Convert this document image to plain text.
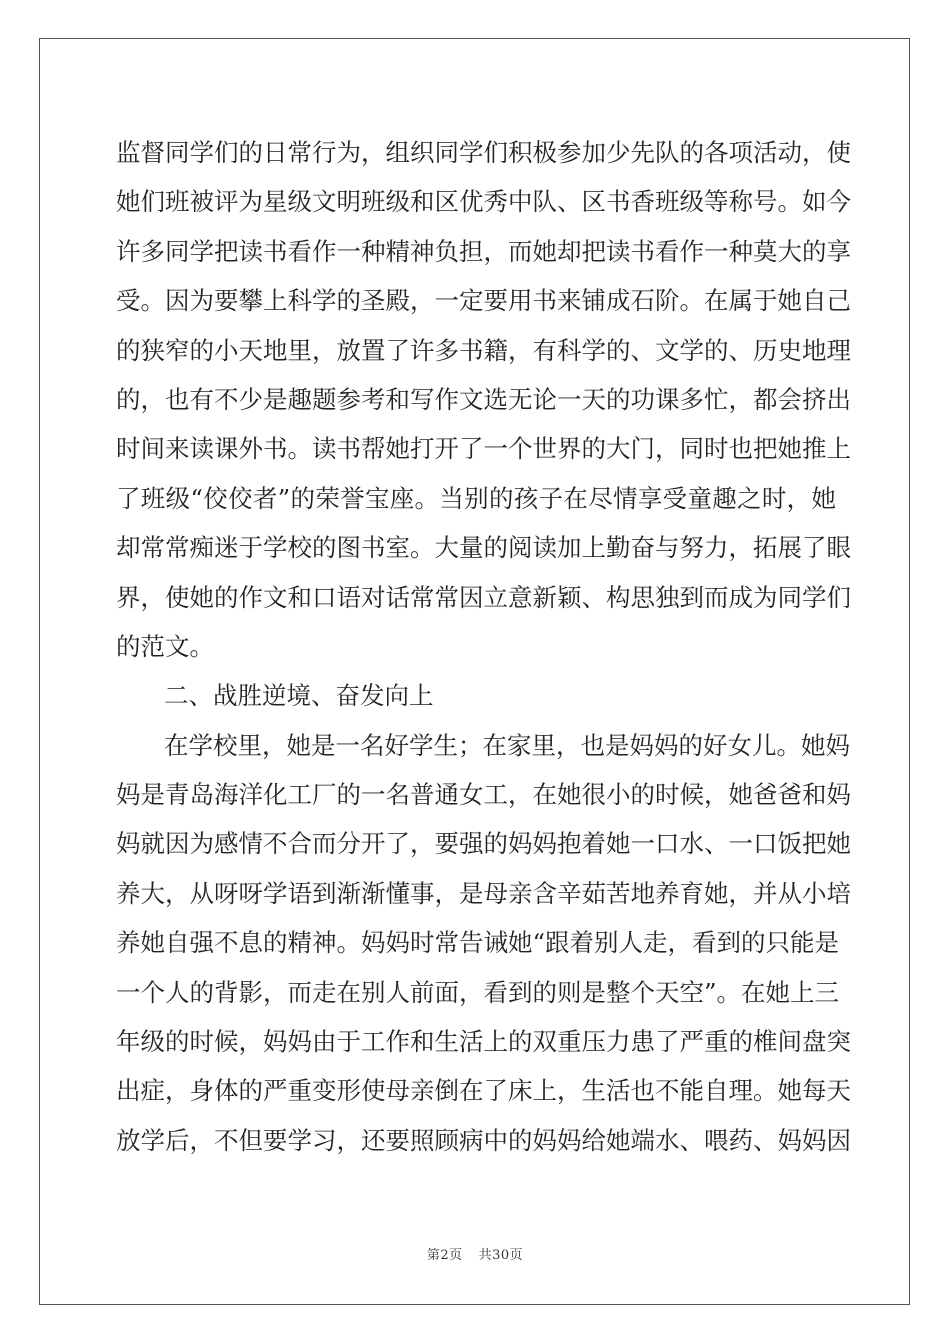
监督同学们的日常行为，组织同学们积极参加少先队的各项活动，使
她们班被评为星级文明班级和区优秀中队、区书香班级等称号。如今
许多同学把读书看作一种精神负担，而她却把读书看作一种莫大的享
受。因为要攀上科学的圣殿，一定要用书来铺成石阶。在属于她自己
的狭窄的小天地里，放置了许多书籍，有科学的、文学的、历史地理
的，也有不少是趣题参考和写作文选无论一天的功课多忙，都会挤出
时间来读课外书。读书帮她打开了一个世界的大门，同时也把她推上
了班级“佼佼者”的荣誉宝座。当别的孩子在尽情享受童趣之时，她
却常常痴迷于学校的图书室。大量的阅读加上勤奋与努力，拓展了眼
界，使她的作文和口语对话常常因立意新颖、构思独到而成为同学们
的范文。
二、战胜逆境、奋发向上
在学校里，她是一名好学生；在家里，也是妈妈的好女儿。她妈
妈是青岛海洋化工厂的一名普通女工，在她很小的时候，她爸爸和妈
妈就因为感情不合而分开了，要强的妈妈抱着她一口水、一口饭把她
养大，从呀呀学语到渐渐懂事，是母亲含辛茹苦地养育她，并从小培
养她自强不息的精神。妈妈时常告诫她“跟着别人走，看到的只能是
一个人的背影，而走在别人前面，看到的则是整个天空”。在她上三
年级的时候，妈妈由于工作和生活上的双重压力患了严重的椎间盘突
出症，身体的严重变形使母亲倒在了床上，生活也不能自理。她每天
放学后，不但要学习，还要照顾病中的妈妈给她端水、喂药、妈妈因
第2页 共30页
